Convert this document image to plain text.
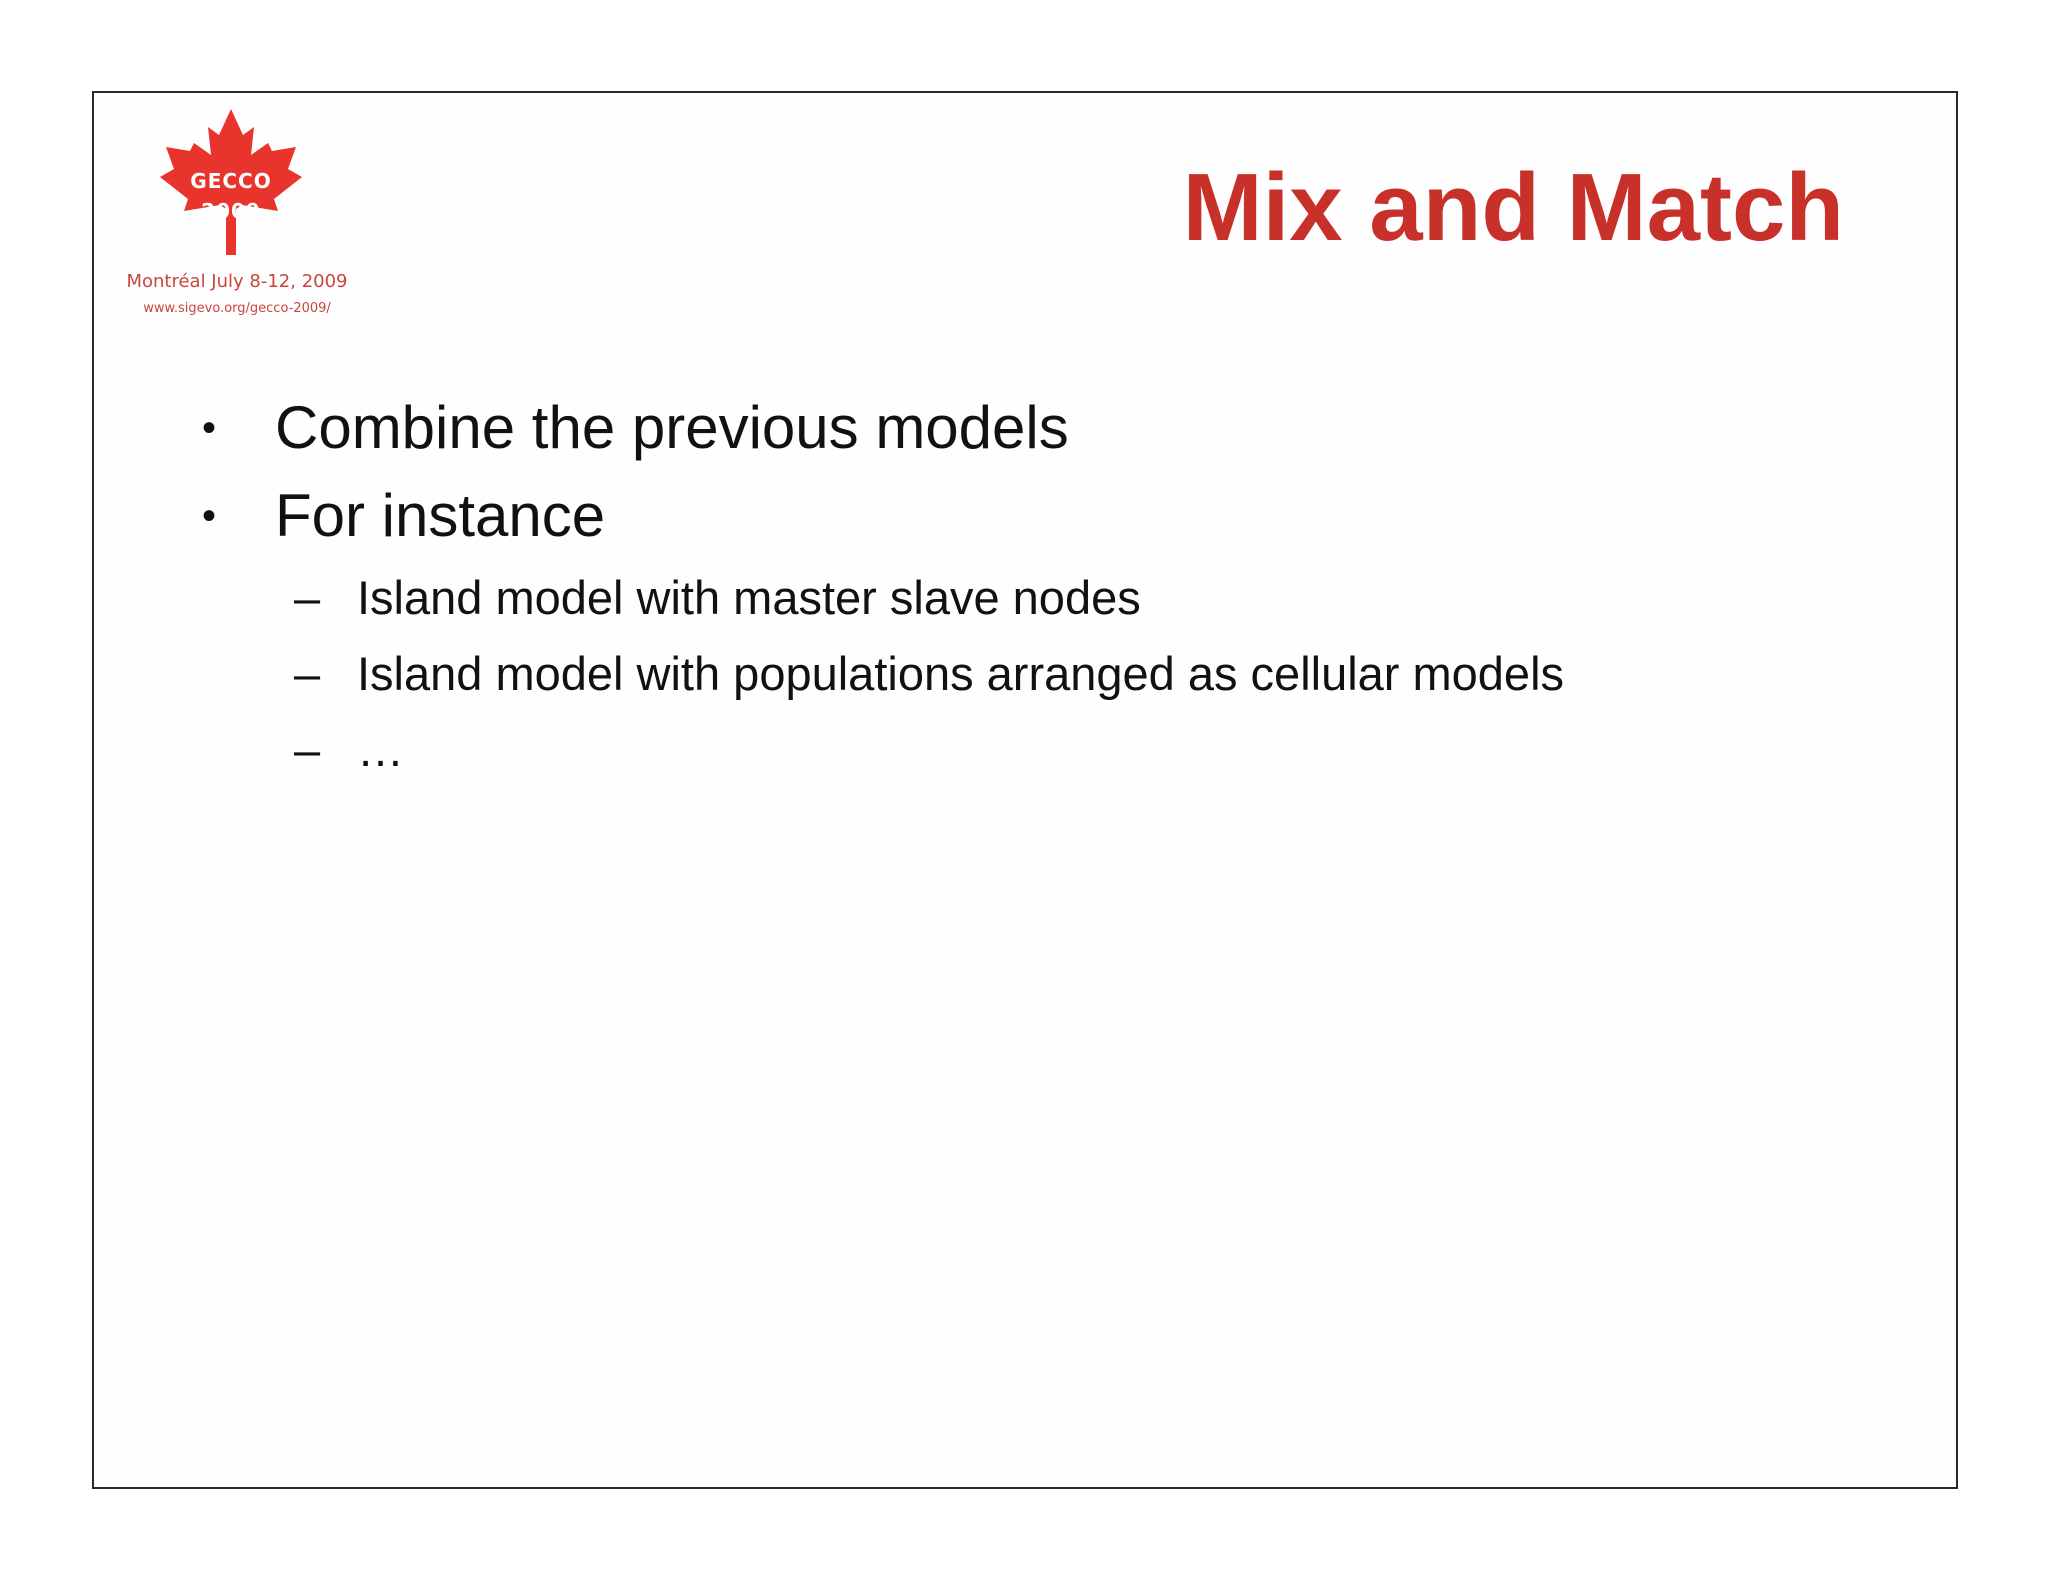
GECCO
2009
Montréal July 8-12, 2009
www.sigevo.org/gecco-2009/
Mix and Match
• Combine the previous models
• For instance
– Island model with master slave nodes
– Island model with populations arranged as cellular models
– …
